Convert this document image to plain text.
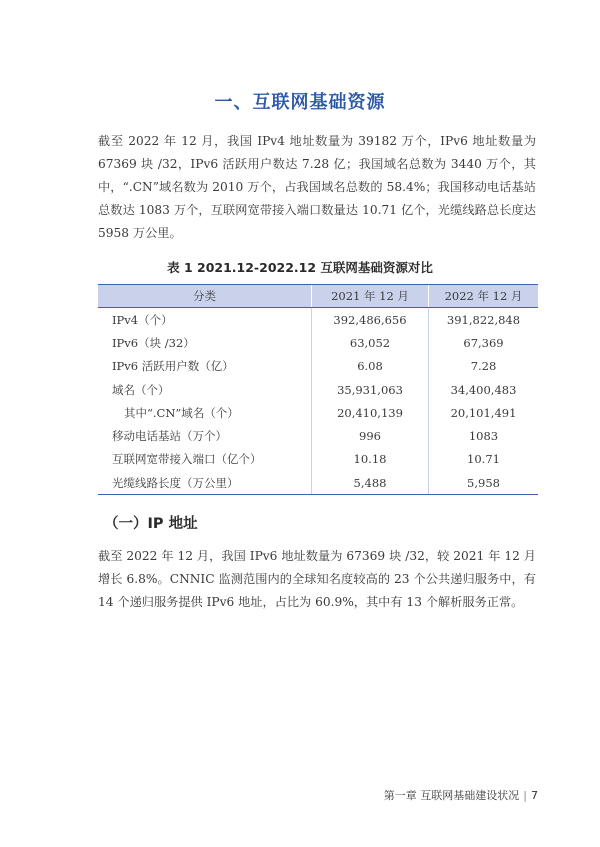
一、互联网基础资源
截至 2022 年 12 月，我国 IPv4 地址数量为 39182 万个，IPv6 地址数量为 67369 块 /32，IPv6 活跃用户数达 7.28 亿；我国域名总数为 3440 万个，其中，“.CN”域名数为 2010 万个，占我国域名总数的 58.4%；我国移动电话基站总数达 1083 万个，互联网宽带接入端口数量达 10.71 亿个，光缆线路总长度达 5958 万公里。
表 1 2021.12-2022.12 互联网基础资源对比
分类	2021 年 12 月	2022 年 12 月
IPv4（个）	392,486,656	391,822,848
IPv6（块 /32）	63,052	67,369
IPv6 活跃用户数（亿）	6.08	7.28
域名（个）	35,931,063	34,400,483
其中“.CN”域名（个）	20,410,139	20,101,491
移动电话基站（万个）	996	1083
互联网宽带接入端口（亿个）	10.18	10.71
光缆线路长度（万公里）	5,488	5,958
（一）IP 地址
截至 2022 年 12 月，我国 IPv6 地址数量为 67369 块 /32，较 2021 年 12 月增长 6.8%。CNNIC 监测范围内的全球知名度较高的 23 个公共递归服务中，有 14 个递归服务提供 IPv6 地址，占比为 60.9%，其中有 13 个解析服务正常。
第一章 互联网基础建设状况 | 7
